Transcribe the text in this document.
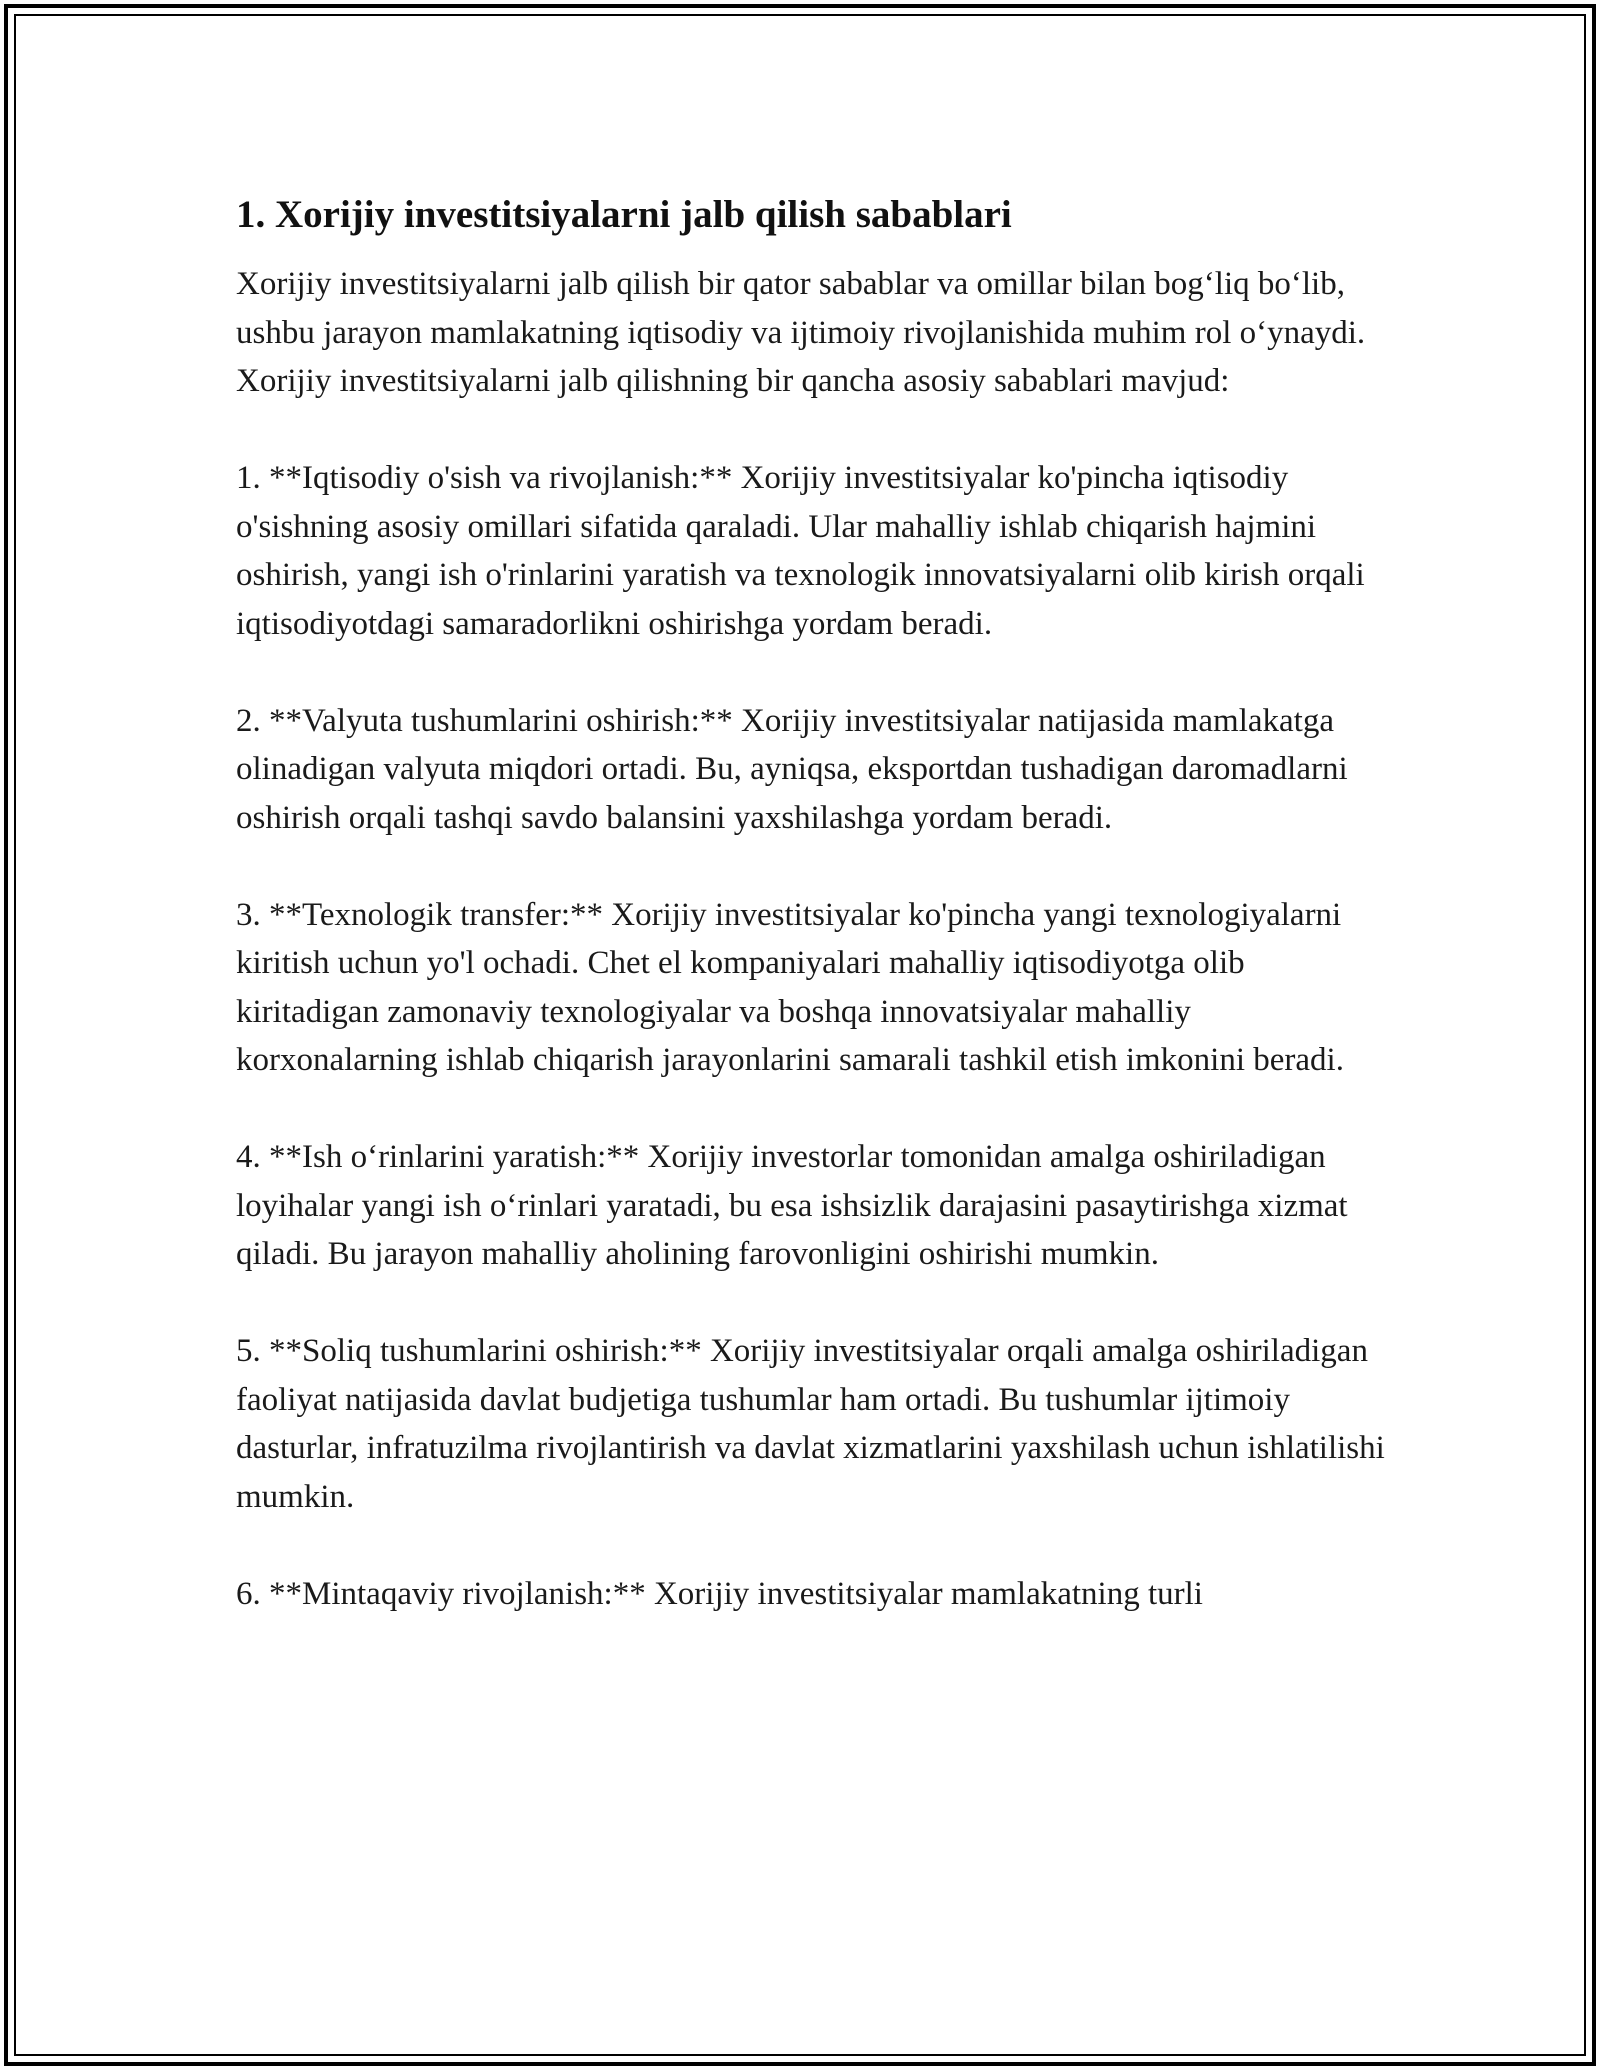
1. Xorijiy investitsiyalarni jalb qilish sabablari

Xorijiy investitsiyalarni jalb qilish bir qator sabablar va omillar bilan bog‘liq bo‘lib, ushbu jarayon mamlakatning iqtisodiy va ijtimoiy rivojlanishida muhim rol o‘ynaydi. Xorijiy investitsiyalarni jalb qilishning bir qancha asosiy sabablari mavjud:

1. **Iqtisodiy o'sish va rivojlanish:** Xorijiy investitsiyalar ko'pincha iqtisodiy o'sishning asosiy omillari sifatida qaraladi. Ular mahalliy ishlab chiqarish hajmini oshirish, yangi ish o'rinlarini yaratish va texnologik innovatsiyalarni olib kirish orqali iqtisodiyotdagi samaradorlikni oshirishga yordam beradi.

2. **Valyuta tushumlarini oshirish:** Xorijiy investitsiyalar natijasida mamlakatga olinadigan valyuta miqdori ortadi. Bu, ayniqsa, eksportdan tushadigan daromadlarni oshirish orqali tashqi savdo balansini yaxshilashga yordam beradi.

3. **Texnologik transfer:** Xorijiy investitsiyalar ko'pincha yangi texnologiyalarni kiritish uchun yo'l ochadi. Chet el kompaniyalari mahalliy iqtisodiyotga olib kiritadigan zamonaviy texnologiyalar va boshqa innovatsiyalar mahalliy korxonalarning ishlab chiqarish jarayonlarini samarali tashkil etish imkonini beradi.

4. **Ish o‘rinlarini yaratish:** Xorijiy investorlar tomonidan amalga oshiriladigan loyihalar yangi ish o‘rinlari yaratadi, bu esa ishsizlik darajasini pasaytirishga xizmat qiladi. Bu jarayon mahalliy aholining farovonligini oshirishi mumkin.

5. **Soliq tushumlarini oshirish:** Xorijiy investitsiyalar orqali amalga oshiriladigan faoliyat natijasida davlat budjetiga tushumlar ham ortadi. Bu tushumlar ijtimoiy dasturlar, infratuzilma rivojlantirish va davlat xizmatlarini yaxshilash uchun ishlatilishi mumkin.

6. **Mintaqaviy rivojlanish:** Xorijiy investitsiyalar mamlakatning turli
